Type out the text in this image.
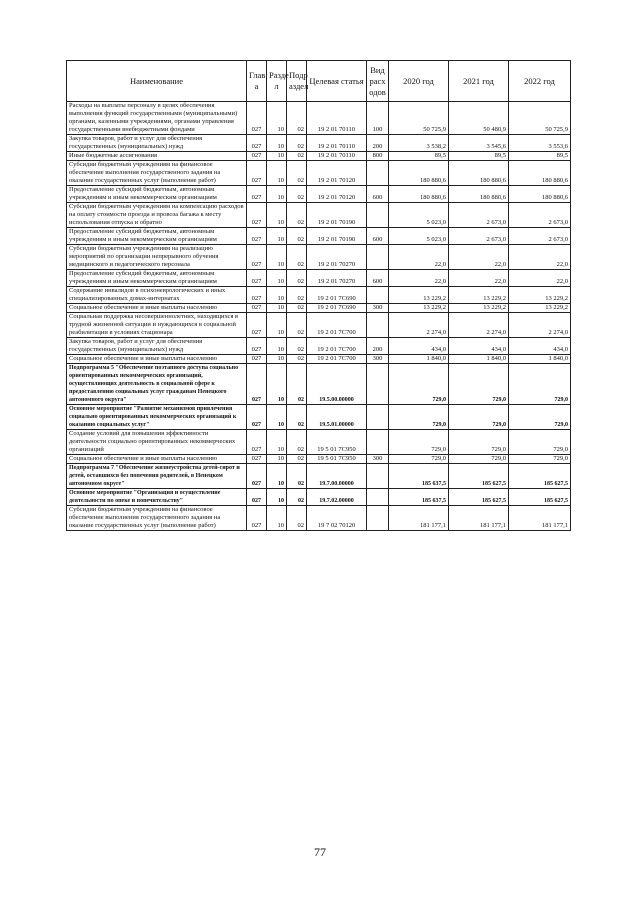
Наименование	Глав а	Разде л	Подр аздел	Целевая статья	Вид расх одов	2020 год	2021 год	2022 год
Расходы на выплаты персоналу в целях обеспечения выполнения функций государственными (муниципальными) органами, казенными учреждениями, органами управления государственными внебюджетными фондами	027	10	02	19 2 01 70110	100	50 725,9	50 480,9	50 725,9
Закупка товаров, работ и услуг для обеспечения государственных (муниципальных) нужд	027	10	02	19 2 01 70110	200	3 538,2	3 545,6	3 553,6
Иные бюджетные ассигнования	027	10	02	19 2 01 70110	800	89,5	89,5	89,5
Субсидии бюджетным учреждениям на финансовое обеспечение выполнения государственного задания на оказание государственных услуг (выполнение работ)	027	10	02	19 2 01 70120		180 880,6	180 880,6	180 880,6
Предоставление субсидий бюджетным, автономным учреждениям и иным некоммерческим организациям	027	10	02	19 2 01 70120	600	180 880,6	180 880,6	180 880,6
Субсидии бюджетным учреждениям на компенсацию расходов на оплату стоимости проезда и провоза багажа к месту использования отпуска и обратно	027	10	02	19 2 01 70190		5 023,0	2 673,0	2 673,0
Предоставление субсидий бюджетным, автономным учреждениям и иным некоммерческим организациям	027	10	02	19 2 01 70190	600	5 023,0	2 673,0	2 673,0
Субсидии бюджетным учреждениям на реализацию мероприятий по организации непрерывного обучения медицинского и педагогического персонала	027	10	02	19 2 01 70270		22,0	22,0	22,0
Предоставление субсидий бюджетным, автономным учреждениям и иным некоммерческим организациям	027	10	02	19 2 01 70270	600	22,0	22,0	22,0
Содержание инвалидов в психоневрологических и иных специализированных домах-интернатах	027	10	02	19 2 01 7С690		13 229,2	13 229,2	13 229,2
Социальное обеспечение и иные выплаты населению	027	10	02	19 2 01 7С690	300	13 229,2	13 229,2	13 229,2
Социальная поддержка несовершеннолетних, находящихся в трудной жизненной ситуации и нуждающихся в социальной реабилитации в условиях стационара	027	10	02	19 2 01 7С700		2 274,0	2 274,0	2 274,0
Закупка товаров, работ и услуг для обеспечения государственных (муниципальных) нужд	027	10	02	19 2 01 7С700	200	434,0	434,0	434,0
Социальное обеспечение и иные выплаты населению	027	10	02	19 2 01 7С700	300	1 840,0	1 840,0	1 840,0
Подпрограмма 5 "Обеспечение поэтапного доступа социально ориентированных некоммерческих организаций, осуществляющих деятельность в социальной сфере к предоставлению социальных услуг гражданам Ненецкого автономного округа"	027	10	02	19.5.00.00000		729,0	729,0	729,0
Основное мероприятие "Развитие механизмов привлечения социально ориентированных некоммерческих организаций к оказанию социальных услуг"	027	10	02	19.5.01.00000		729,0	729,0	729,0
Создание условий для повышения эффективности деятельности социально ориентированных некоммерческих организаций	027	10	02	19 5 01 7С950		729,0	729,0	729,0
Социальное обеспечение и иные выплаты населению	027	10	02	19 5 01 7С950	300	729,0	729,0	729,0
Подпрограмма 7 "Обеспечение жизнеустройства детей-сирот и детей, оставшихся без попечения родителей, в Ненецком автономном округе"	027	10	02	19.7.00.00000		185 637,5	185 627,5	185 627,5
Основное мероприятие "Организация и осуществление деятельности по опеке и попечительству"	027	10	02	19.7.02.00000		185 637,5	185 627,5	185 627,5
Субсидии бюджетным учреждениям на финансовое обеспечение выполнения государственного задания на оказание государственных услуг (выполнение работ)	027	10	02	19 7 02 70120		181 177,1	181 177,1	181 177,1
77
